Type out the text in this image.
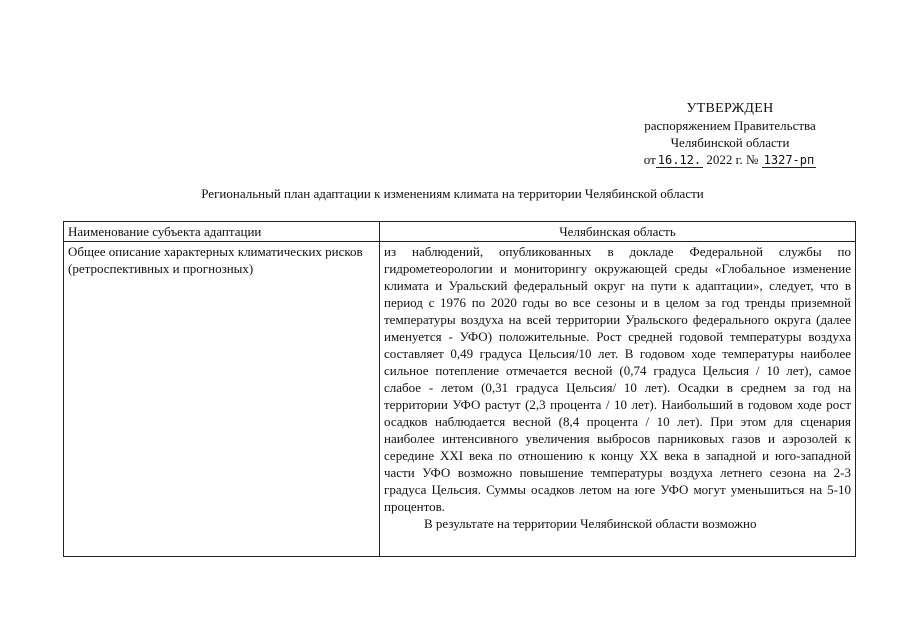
УТВЕРЖДЕН
распоряжением Правительства
Челябинской области
от 16.12. 2022 г. № 1327-рп
Региональный план адаптации к изменениям климата на территории Челябинской области
Наименование субъекта адаптации	Челябинская область
Общее описание характерных климатических рисков (ретроспективных и прогнозных)	из наблюдений, опубликованных в докладе Федеральной службы по гидрометеорологии и мониторингу окружающей среды «Глобальное изменение климата и Уральский федеральный округ на пути к адаптации», следует, что в период с 1976 по 2020 годы во все сезоны и в целом за год тренды приземной температуры воздуха на всей территории Уральского федерального округа (далее именуется - УФО) положительные. Рост средней годовой температуры воздуха составляет 0,49 градуса Цельсия/10 лет. В годовом ходе температуры наиболее сильное потепление отмечается весной (0,74 градуса Цельсия / 10 лет), самое слабое - летом (0,31 градуса Цельсия/ 10 лет). Осадки в среднем за год на территории УФО растут (2,3 процента / 10 лет). Наибольший в годовом ходе рост осадков наблюдается весной (8,4 процента / 10 лет). При этом для сценария наиболее интенсивного увеличения выбросов парниковых газов и аэрозолей к середине XXI века по отношению к концу XX века в западной и юго-западной части УФО возможно повышение температуры воздуха летнего сезона на 2-3 градуса Цельсия. Суммы осадков летом на юге УФО могут уменьшиться на 5-10 процентов.

В результате на территории Челябинской области возможно
